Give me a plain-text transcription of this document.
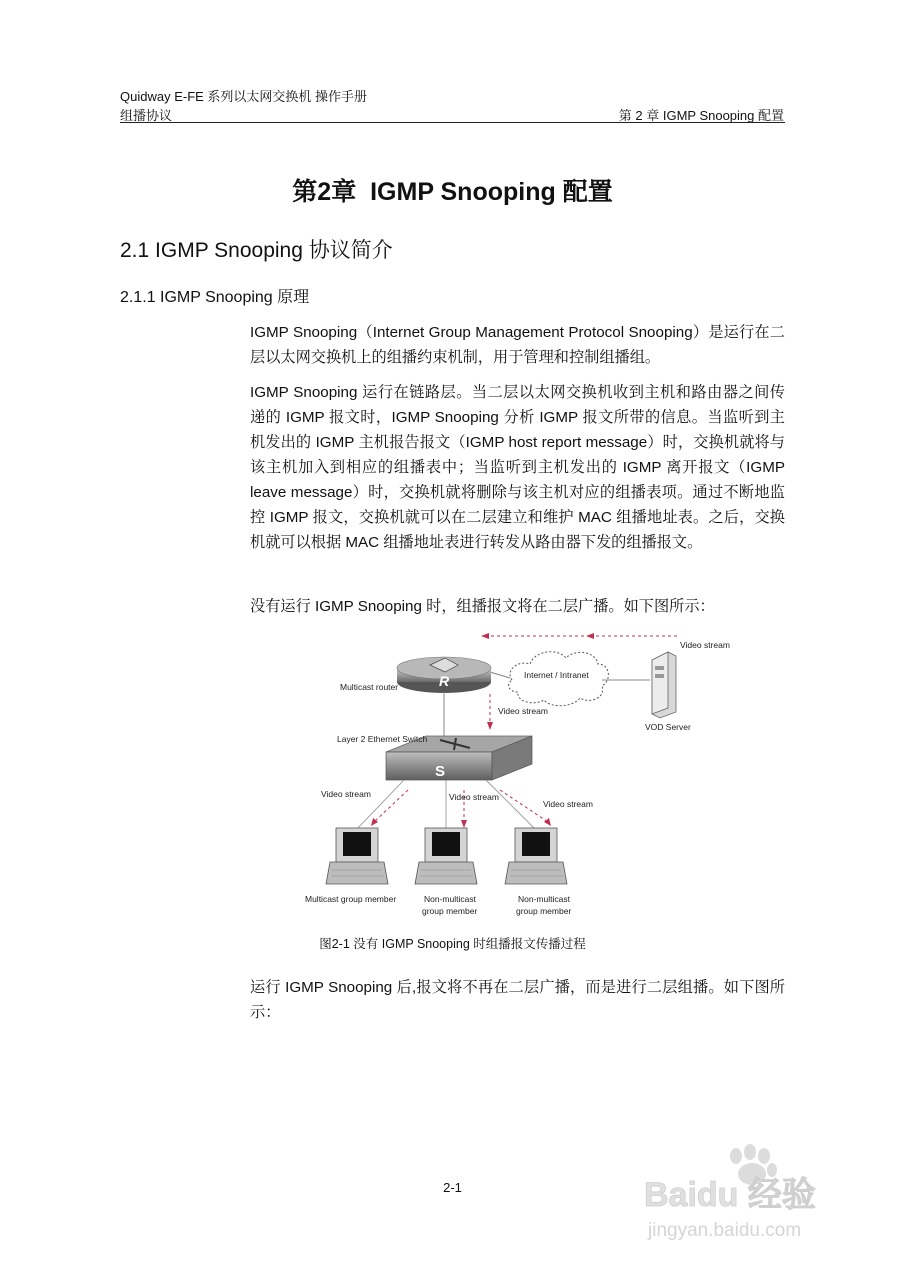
Quidway E-FE 系列以太网交换机 操作手册
组播协议	第 2 章 IGMP Snooping 配置
第2章 IGMP Snooping 配置
2.1 IGMP Snooping 协议简介
2.1.1 IGMP Snooping 原理

IGMP Snooping（Internet Group Management Protocol Snooping）是运行在二层以太网交换机上的组播约束机制，用于管理和控制组播组。

IGMP Snooping 运行在链路层。当二层以太网交换机收到主机和路由器之间传递的 IGMP 报文时，IGMP Snooping 分析 IGMP 报文所带的信息。当监听到主机发出的 IGMP 主机报告报文（IGMP host report message）时，交换机就将与该主机加入到相应的组播表中；当监听到主机发出的 IGMP 离开报文（IGMP leave message）时，交换机就将删除与该主机对应的组播表项。通过不断地监控 IGMP 报文，交换机就可以在二层建立和维护 MAC 组播地址表。之后，交换机就可以根据 MAC 组播地址表进行转发从路由器下发的组播报文。

没有运行 IGMP Snooping 时，组播报文将在二层广播。如下图所示：

Video stream
Internet / Intranet
VOD Server
R
Multicast router
Video stream
S
Layer 2 Ethernet Switch
Video stream	Video stream
Video stream
Multicast group member	Non-multicast
group member
Non-multicast
group member
图2-1 没有 IGMP Snooping 时组播报文传播过程

运行 IGMP Snooping 后,报文将不再在二层广播，而是进行二层组播。如下图所示：

2-1	Baidu 经验
jingyan.baidu.com
